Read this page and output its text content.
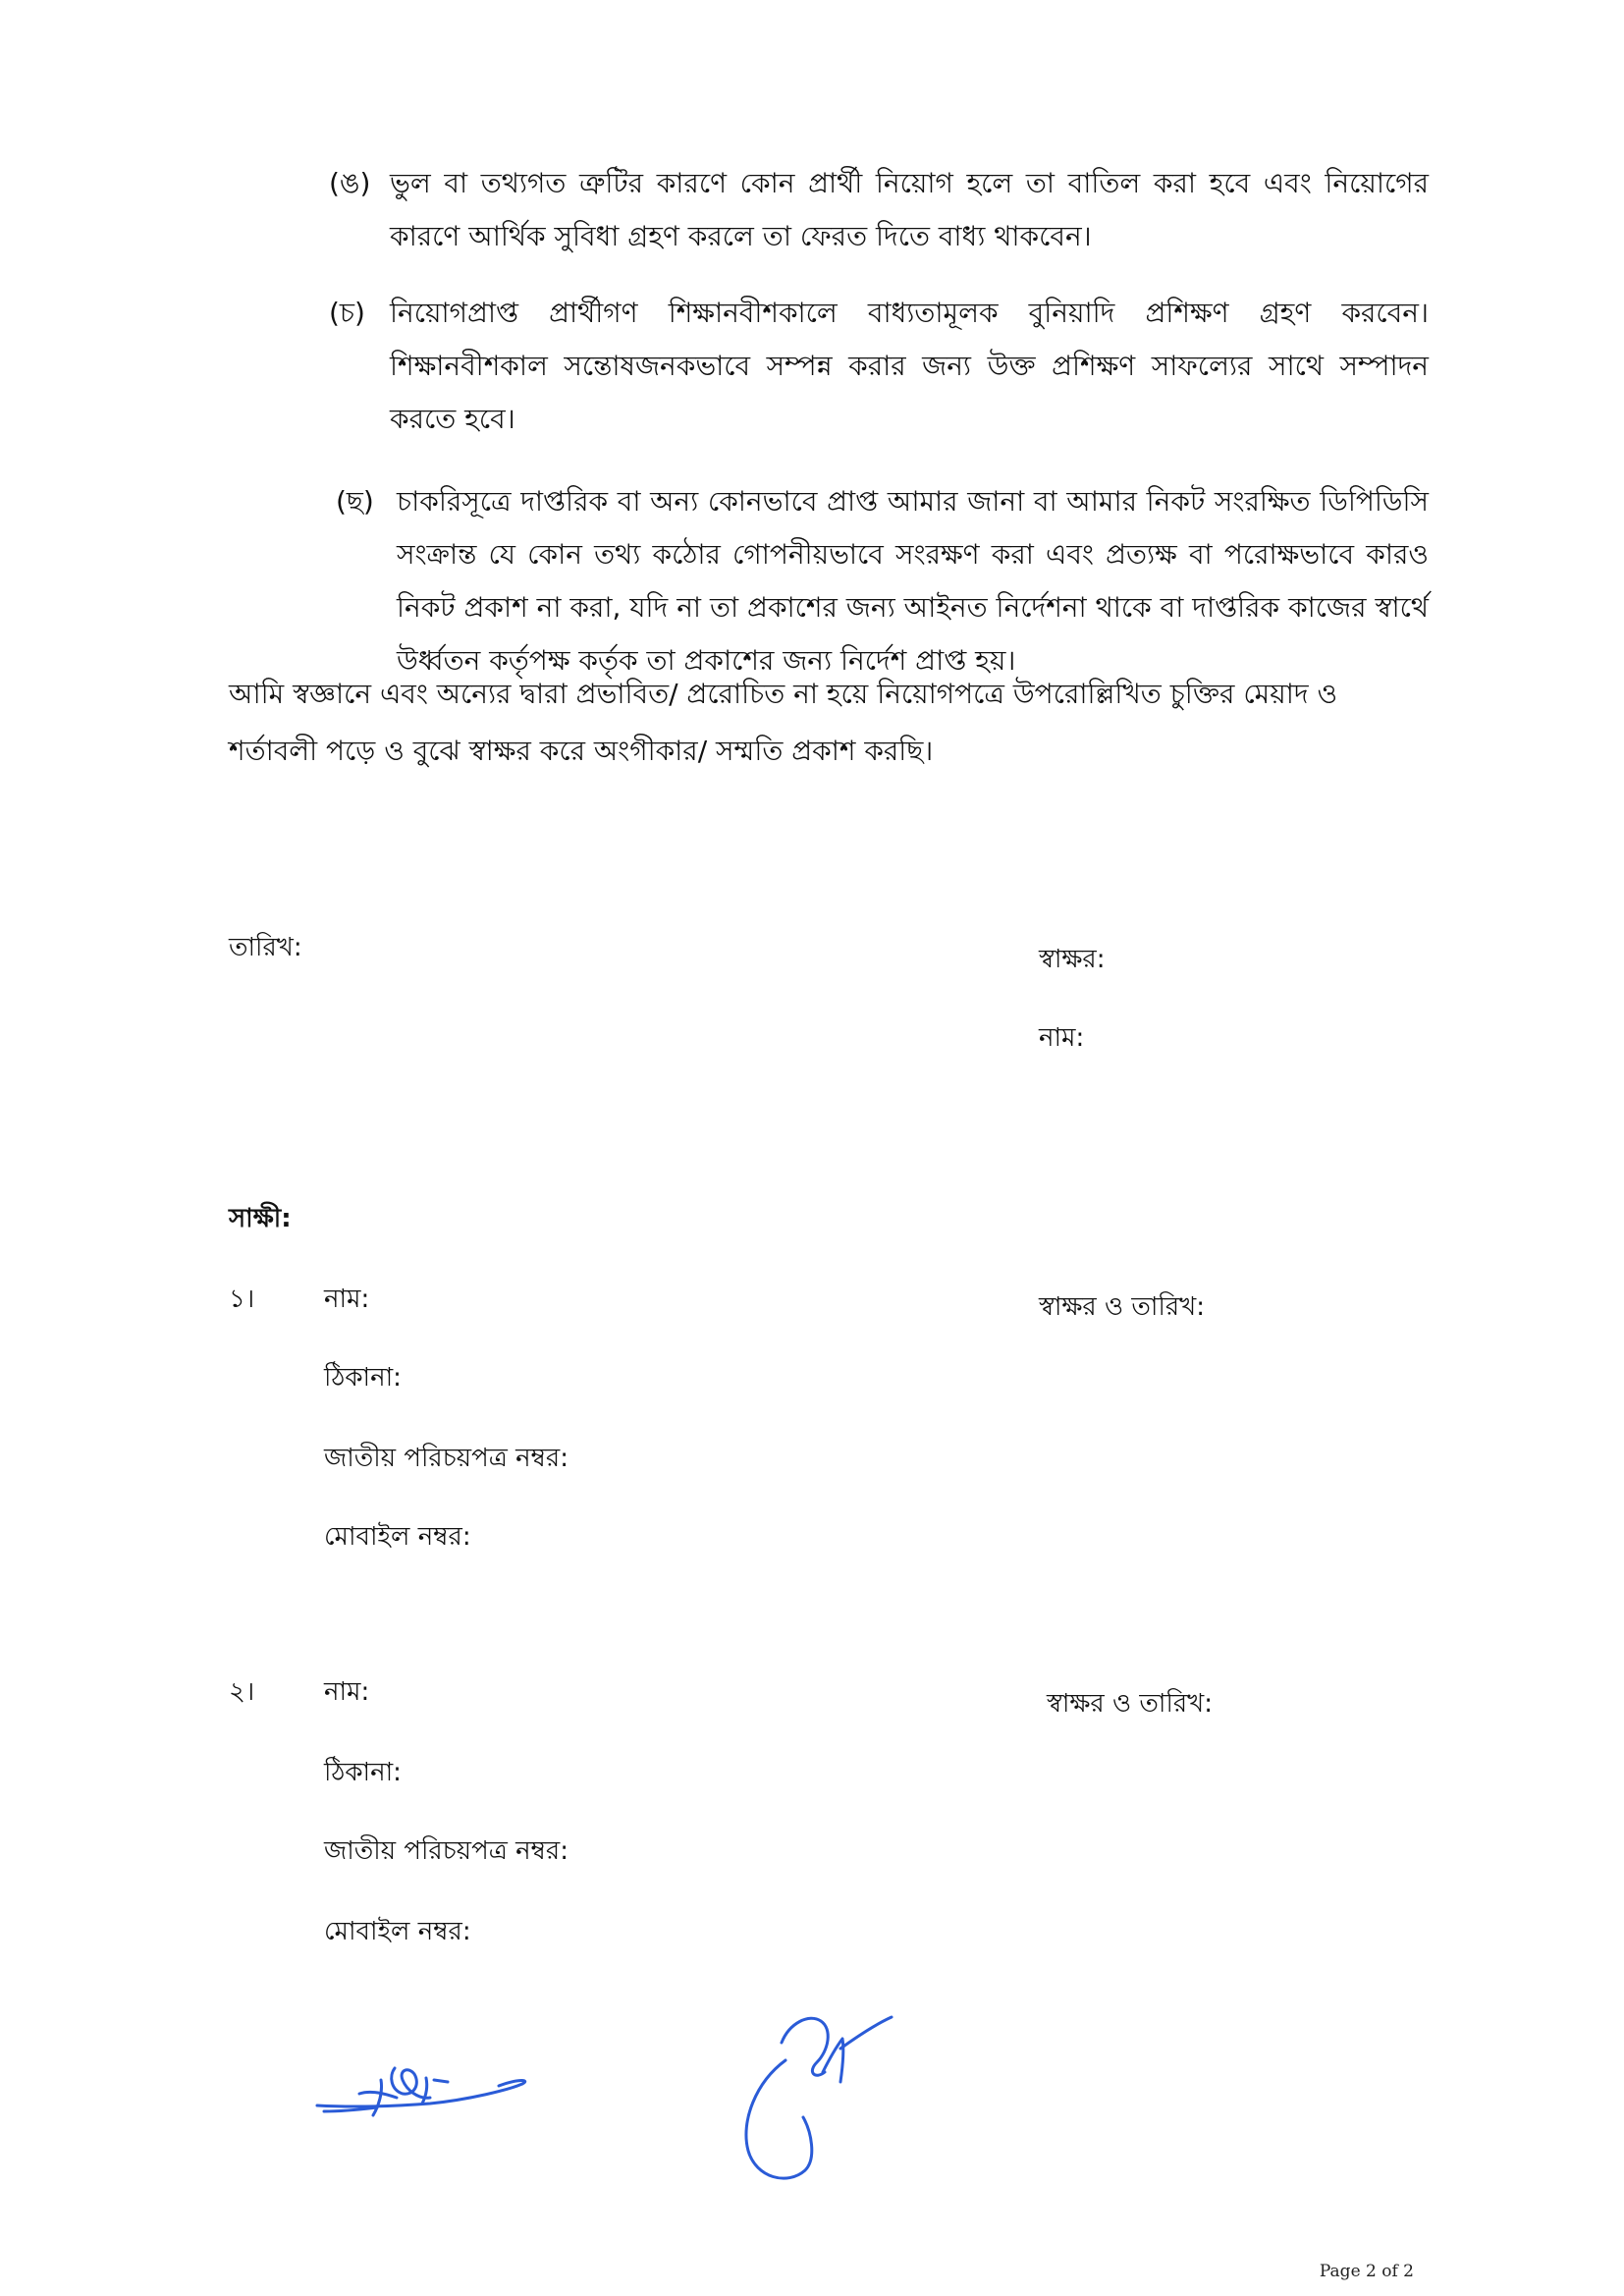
(ঙ) ভুল বা তথ্যগত ত্রুটির কারণে কোন প্রার্থী নিয়োগ হলে তা বাতিল করা হবে এবং নিয়োগের কারণে আর্থিক সুবিধা গ্রহণ করলে তা ফেরত দিতে বাধ্য থাকবেন।
(চ) নিয়োগপ্রাপ্ত প্রার্থীগণ শিক্ষানবীশকালে বাধ্যতামূলক বুনিয়াদি প্রশিক্ষণ গ্রহণ করবেন। শিক্ষানবীশকাল সন্তোষজনকভাবে সম্পন্ন করার জন্য উক্ত প্রশিক্ষণ সাফল্যের সাথে সম্পাদন করতে হবে।
(ছ) চাকরিসূত্রে দাপ্তরিক বা অন্য কোনভাবে প্রাপ্ত আমার জানা বা আমার নিকট সংরক্ষিত ডিপিডিসি সংক্রান্ত যে কোন তথ্য কঠোর গোপনীয়ভাবে সংরক্ষণ করা এবং প্রত্যক্ষ বা পরোক্ষভাবে কারও নিকট প্রকাশ না করা, যদি না তা প্রকাশের জন্য আইনত নির্দেশনা থাকে বা দাপ্তরিক কাজের স্বার্থে উর্ধ্বতন কর্তৃপক্ষ কর্তৃক তা প্রকাশের জন্য নির্দেশ প্রাপ্ত হয়।
আমি স্বজ্ঞানে এবং অন্যের দ্বারা প্রভাবিত/ প্ররোচিত না হয়ে নিয়োগপত্রে উপরোল্লিখিত চুক্তির মেয়াদ ও শর্তাবলী পড়ে ও বুঝে স্বাক্ষর করে অংগীকার/ সম্মতি প্রকাশ করছি।
তারিখ:	স্বাক্ষর:
নাম:
সাক্ষী:
১।	নাম:	স্বাক্ষর ও তারিখ:
ঠিকানা:
জাতীয় পরিচয়পত্র নম্বর:
মোবাইল নম্বর:
২।	নাম:	স্বাক্ষর ও তারিখ:
ঠিকানা:
জাতীয় পরিচয়পত্র নম্বর:
মোবাইল নম্বর:
Page 2 of 2
